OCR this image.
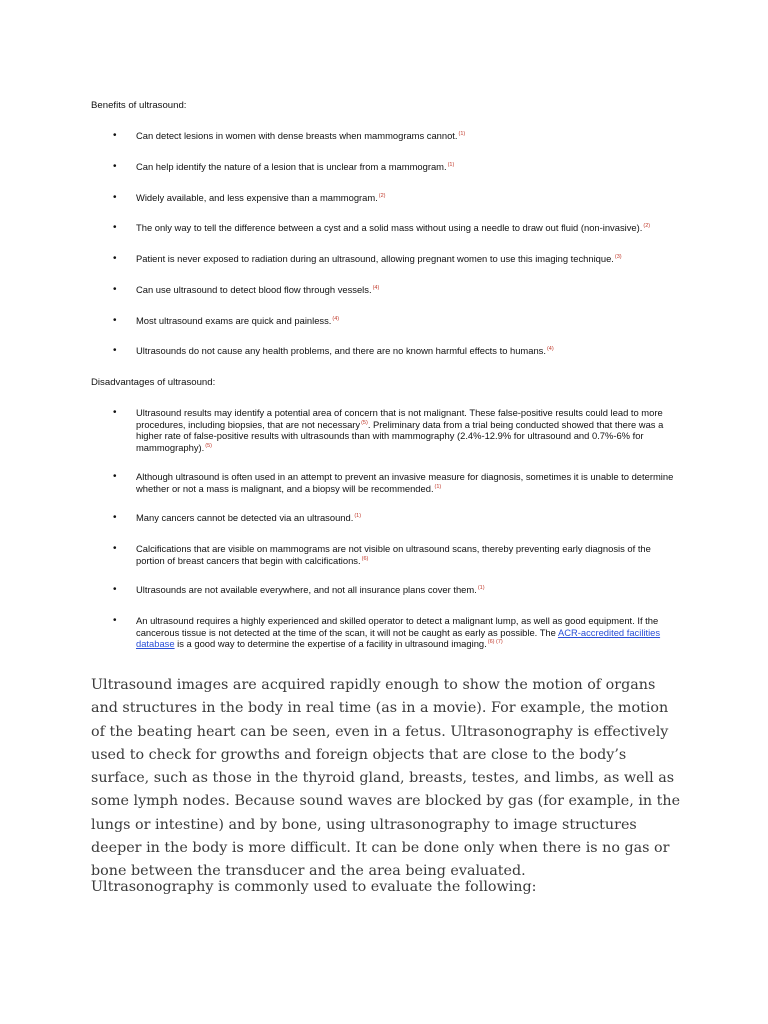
Benefits of ultrasound:
• Can detect lesions in women with dense breasts when mammograms cannot.$^{(1)}$
• Can help identify the nature of a lesion that is unclear from a mammogram.$^{(1)}$
• Widely available, and less expensive than a mammogram.$^{(2)}$
• The only way to tell the difference between a cyst and a solid mass without using a needle to draw out fluid (non-invasive).$^{(2)}$
• Patient is never exposed to radiation during an ultrasound, allowing pregnant women to use this imaging technique.$^{(3)}$
• Can use ultrasound to detect blood flow through vessels.$^{(4)}$
• Most ultrasound exams are quick and painless.$^{(4)}$
• Ultrasounds do not cause any health problems, and there are no known harmful effects to humans.$^{(4)}$
Disadvantages of ultrasound:
• Ultrasound results may identify a potential area of concern that is not malignant. These false-positive results could lead to more procedures, including biopsies, that are not necessary$^{(5)}$. Preliminary data from a trial being conducted showed that there was a higher rate of false-positive results with ultrasounds than with mammography (2.4%-12.9% for ultrasound and 0.7%-6% for mammography).$^{(5)}$
• Although ultrasound is often used in an attempt to prevent an invasive measure for diagnosis, sometimes it is unable to determine whether or not a mass is malignant, and a biopsy will be recommended.$^{(1)}$
• Many cancers cannot be detected via an ultrasound.$^{(1)}$
• Calcifications that are visible on mammograms are not visible on ultrasound scans, thereby preventing early diagnosis of the portion of breast cancers that begin with calcifications.$^{(6)}$
• Ultrasounds are not available everywhere, and not all insurance plans cover them.$^{(1)}$
• An ultrasound requires a highly experienced and skilled operator to detect a malignant lump, as well as good equipment. If the cancerous tissue is not detected at the time of the scan, it will not be caught as early as possible. The ACR-accredited facilities database is a good way to determine the expertise of a facility in ultrasound imaging.$^{(6) (7)}$

Ultrasound images are acquired rapidly enough to show the motion of organs and structures in the body in real time (as in a movie). For example, the motion of the beating heart can be seen, even in a fetus. Ultrasonography is effectively used to check for growths and foreign objects that are close to the body’s surface, such as those in the thyroid gland, breasts, testes, and limbs, as well as some lymph nodes. Because sound waves are blocked by gas (for example, in the lungs or intestine) and by bone, using ultrasonography to image structures deeper in the body is more difficult. It can be done only when there is no gas or bone between the transducer and the area being evaluated.

Ultrasonography is commonly used to evaluate the following:
